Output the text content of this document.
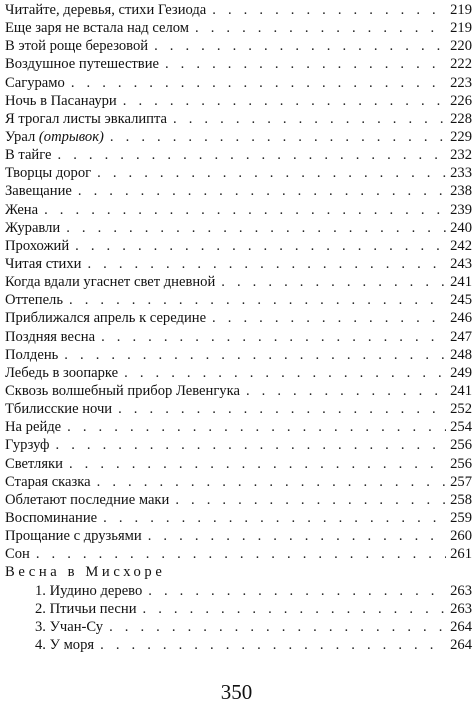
Читайте, деревья, стихи Гезиода . . .	219
Еще заря не встала над селом . . .	219
В этой роще березовой . . .	220
Воздушное путешествие . . .	222
Сагурамо . . .	223
Ночь в Пасанаури . . .	226
Я трогал листы эвкалипта . . .	228
Урал (отрывок) . . .	229
В тайге . . .	232
Творцы дорог . . .	233
Завещание . . .	238
Жена . . .	239
Журавли . . .	240
Прохожий . . .	242
Читая стихи . . .	243
Когда вдали угаснет свет дневной . . .	241
Оттепель . . .	245
Приближался апрель к середине . . .	246
Поздняя весна . . .	247
Полдень . . .	248
Лебедь в зоопарке . . .	249
Сквозь волшебный прибор Левенгука . . .	241
Тбилисские ночи . . .	252
На рейде . . .	254
Гурзуф . . .	256
Светляки . . .	256
Старая сказка . . .	257
Облетают последние маки . . .	258
Воспоминание . . .	259
Прощание с друзьями . . .	260
Сон . . .	261
Весна в Мисхоре
1. Иудино дерево . . .	263
2. Птичьи песни . . .	263
3. Учан-Су . . .	264
4. У моря . . .	264
350
